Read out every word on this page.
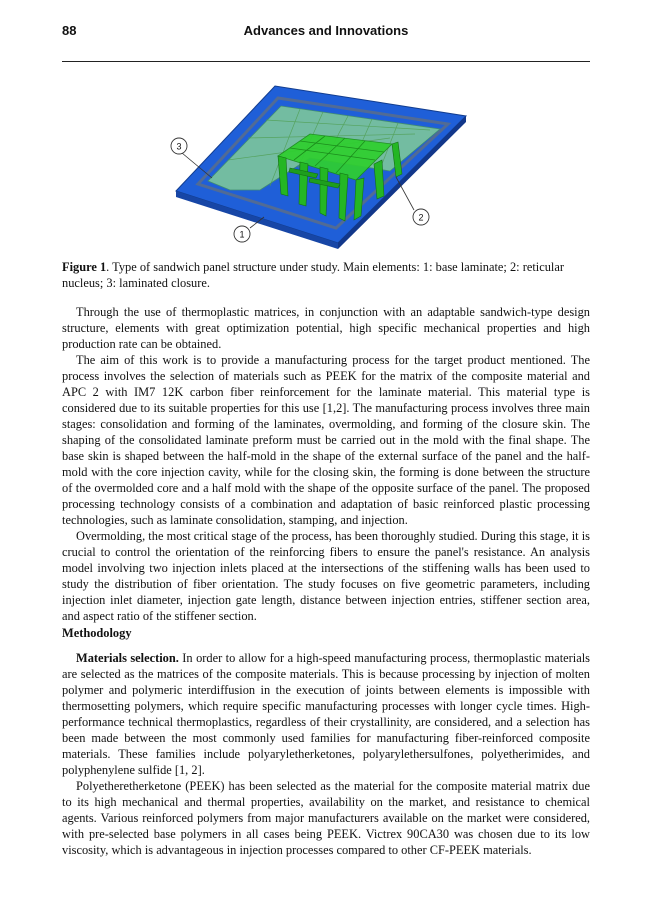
88	Advances and Innovations
3
2
1
Figure 1. Type of sandwich panel structure under study. Main elements: 1: base laminate; 2: reticular nucleus; 3: laminated closure.

Through the use of thermoplastic matrices, in conjunction with an adaptable sandwich-type design structure, elements with great optimization potential, high specific mechanical properties and high production rate can be obtained.

The aim of this work is to provide a manufacturing process for the target product mentioned. The process involves the selection of materials such as PEEK for the matrix of the composite material and APC 2 with IM7 12K carbon fiber reinforcement for the laminate material. This material type is considered due to its suitable properties for this use [1,2]. The manufacturing process involves three main stages: consolidation and forming of the laminates, overmolding, and forming of the closure skin. The shaping of the consolidated laminate preform must be carried out in the mold with the final shape. The base skin is shaped between the half-mold in the shape of the external surface of the panel and the half-mold with the core injection cavity, while for the closing skin, the forming is done between the structure of the overmolded core and a half mold with the shape of the opposite surface of the panel. The proposed processing technology consists of a combination and adaptation of basic reinforced plastic processing technologies, such as laminate consolidation, stamping, and injection.

Overmolding, the most critical stage of the process, has been thoroughly studied. During this stage, it is crucial to control the orientation of the reinforcing fibers to ensure the panel's resistance. An analysis model involving two injection inlets placed at the intersections of the stiffening walls has been used to study the distribution of fiber orientation. The study focuses on five geometric parameters, including injection inlet diameter, injection gate length, distance between injection entries, stiffener section area, and aspect ratio of the stiffener section.

Methodology

Materials selection. In order to allow for a high-speed manufacturing process, thermoplastic materials are selected as the matrices of the composite materials. This is because processing by injection of molten polymer and polymeric interdiffusion in the execution of joints between elements is impossible with thermosetting polymers, which require specific manufacturing processes with longer cycle times. High-performance technical thermoplastics, regardless of their crystallinity, are considered, and a selection has been made between the most commonly used families for manufacturing fiber-reinforced composite materials. These families include polyaryletherketones, polyarylethersulfones, polyetherimides, and polyphenylene sulfide [1, 2].

Polyetheretherketone (PEEK) has been selected as the material for the composite material matrix due to its high mechanical and thermal properties, availability on the market, and resistance to chemical agents. Various reinforced polymers from major manufacturers available on the market were considered, with pre-selected base polymers in all cases being PEEK. Victrex 90CA30 was chosen due to its low viscosity, which is advantageous in injection processes compared to other CF-PEEK materials.
